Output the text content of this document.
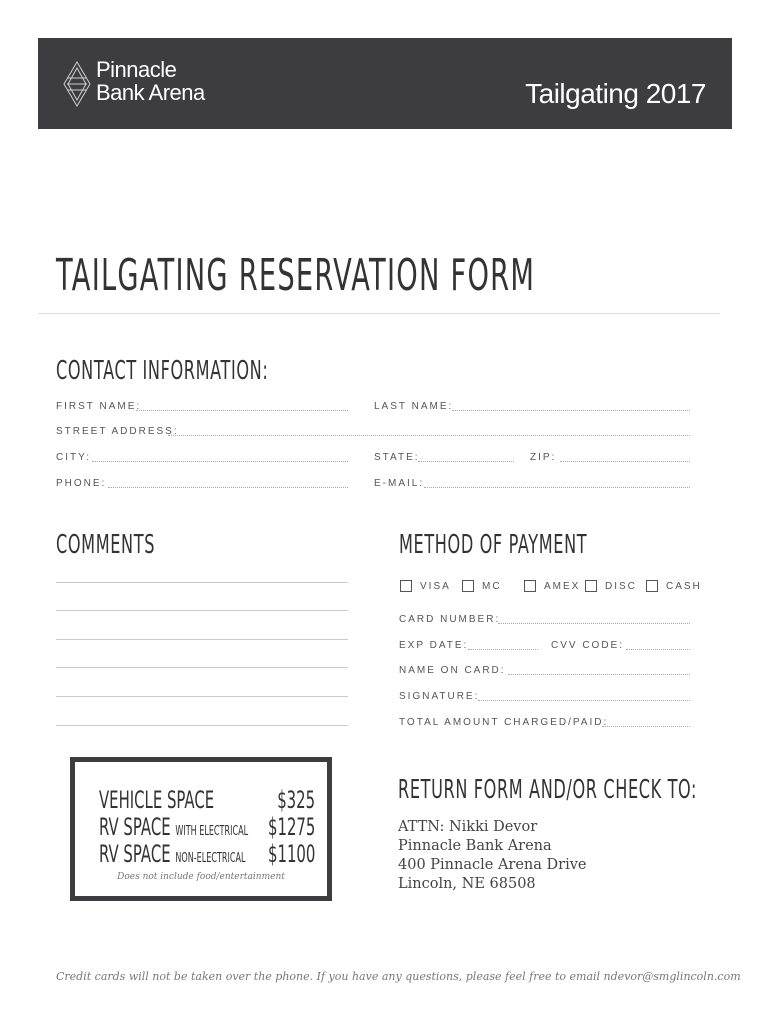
Pinnacle
Bank Arena	Tailgating 2017
TAILGATING RESERVATION FORM
CONTACT INFORMATION:
FIRST NAME:	LAST NAME:
STREET ADDRESS:
CITY:	STATE:	ZIP:
PHONE:	E-MAIL:
COMMENTS	METHOD OF PAYMENT
VISA	MC	AMEX DISC	CASH
CARD NUMBER:
EXP DATE:	CVV CODE:
NAME ON CARD:
SIGNATURE:
TOTAL AMOUNT CHARGED/PAID:
VEHICLE SPACE	$325
RV SPACE WITH ELECTRICAL $1275
RV SPACE NON-ELECTRICAL $1100
Does not include food/entertainment
RETURN FORM AND/OR CHECK TO:
ATTN: Nikki Devor
Pinnacle Bank Arena
400 Pinnacle Arena Drive
Lincoln, NE 68508
Credit cards will not be taken over the phone. If you have any questions, please feel free to email ndevor@smglincoln.com
